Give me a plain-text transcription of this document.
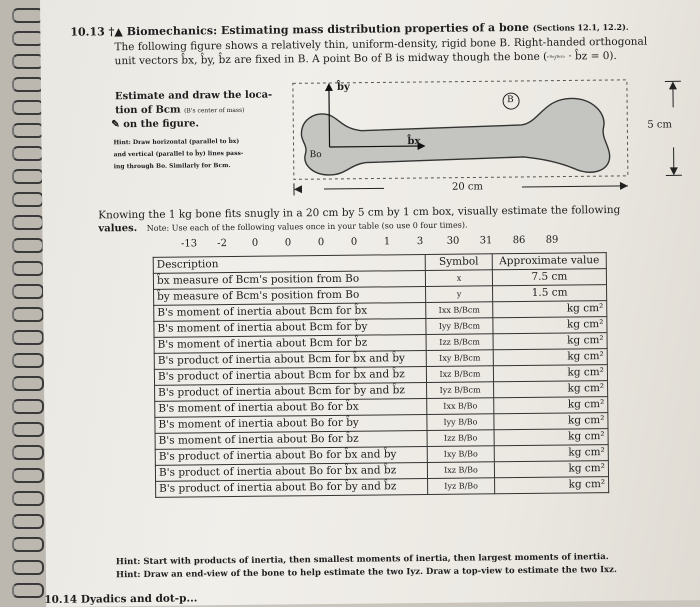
10.13 †▲ Biomechanics: Estimating mass distribution properties of a bone (Sections 12.1, 12.2).
The following figure shows a relatively thin, uniform-density, rigid bone B. Right-handed orthogonal
unit vectors b̂x, b̂y, b̂z are fixed in B. A point Bo of B is midway though the bone (ʳᴮᵒ/ᴮᶜᵐ · b̂z = 0).
Estimate and draw the loca-
tion of Bcm (B's center of mass)
✎ on the figure.
Hint: Draw horizontal (parallel to b̂x)
and vertical (parallel to b̂y) lines pass-
ing through Bo. Similarly for Bcm.
b̂y
b̂x
B
Bo
20 cm
5 cm
Knowing the 1 kg bone fits snugly in a 20 cm by 5 cm by 1 cm box, visually estimate the following
values. Note: Use each of the following values once in your table (so use 0 four times).
-13 -2 0	0	0	0	1	3 30 31 86 89
Description	Symbol	Approximate value
b̂x measure of Bcm's position from Bo	x	7.5 cm
b̂y measure of Bcm's position from Bo	y	1.5 cm
B's moment of inertia about Bcm for b̂x	Ixx B/Bcm	kg cm²
B's moment of inertia about Bcm for b̂y	Iyy B/Bcm	kg cm²
B's moment of inertia about Bcm for b̂z	Izz B/Bcm	kg cm²
B's product of inertia about Bcm for b̂x and b̂y	Ixy B/Bcm	kg cm²
B's product of inertia about Bcm for b̂x and b̂z	Ixz B/Bcm	kg cm²
B's product of inertia about Bcm for b̂y and b̂z	Iyz B/Bcm	kg cm²
B's moment of inertia about Bo for b̂x	Ixx B/Bo	kg cm²
B's moment of inertia about Bo for b̂y	Iyy B/Bo	kg cm²
B's moment of inertia about Bo for b̂z	Izz B/Bo	kg cm²
B's product of inertia about Bo for b̂x and b̂y	Ixy B/Bo	kg cm²
B's product of inertia about Bo for b̂x and b̂z	Ixz B/Bo	kg cm²
B's product of inertia about Bo for b̂y and b̂z	Iyz B/Bo	kg cm²
Hint: Start with products of inertia, then smallest moments of inertia, then largest moments of inertia.
Hint: Draw an end-view of the bone to help estimate the two Iyz. Draw a top-view to estimate the two Ixz.
10.14 Dyadics and dot-p...
